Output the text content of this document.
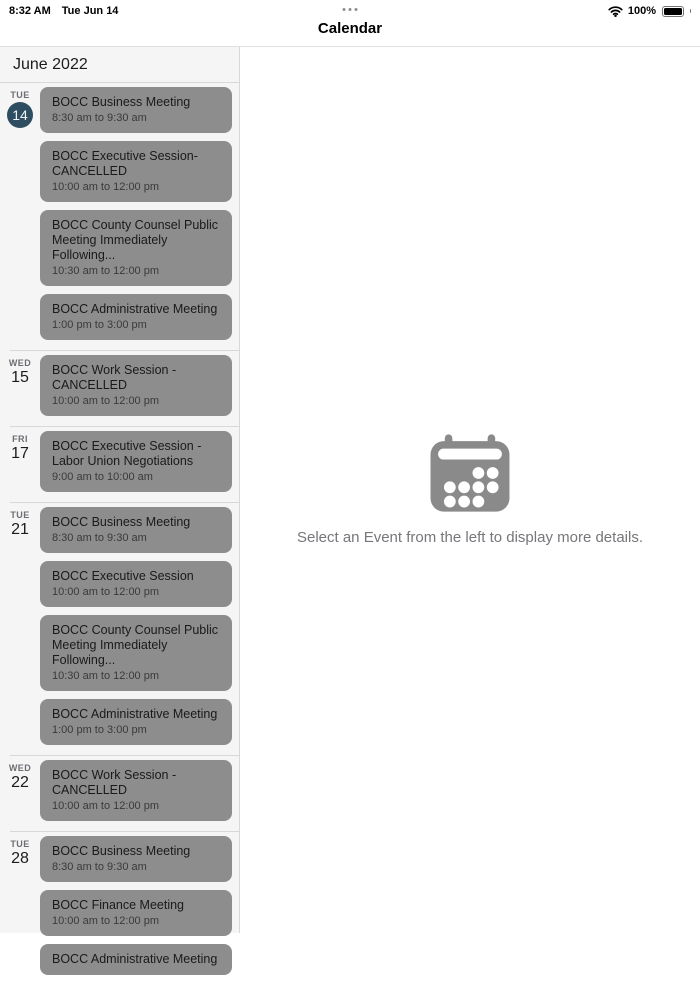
8:32 AM Tue Jun 14	100%
Calendar
June 2022
TUE
14
BOCC Business Meeting
8:30 am to 9:30 am
BOCC Executive Session- CANCELLED
10:00 am to 12:00 pm
BOCC County Counsel Public Meeting Immediately Following...
10:30 am to 12:00 pm
BOCC Administrative Meeting
1:00 pm to 3:00 pm
WED
15	BOCC Work Session - CANCELLED
10:00 am to 12:00 pm
FRI
17	BOCC Executive Session - Labor Union Negotiations
9:00 am to 10:00 am
TUE
21	BOCC Business Meeting
8:30 am to 9:30 am
BOCC Executive Session
10:00 am to 12:00 pm
BOCC County Counsel Public Meeting Immediately Following...
10:30 am to 12:00 pm
BOCC Administrative Meeting
1:00 pm to 3:00 pm
WED
22	BOCC Work Session - CANCELLED
10:00 am to 12:00 pm
TUE
28	BOCC Business Meeting
8:30 am to 9:30 am
BOCC Finance Meeting
10:00 am to 12:00 pm
BOCC Administrative Meeting
Select an Event from the left to display more details.
